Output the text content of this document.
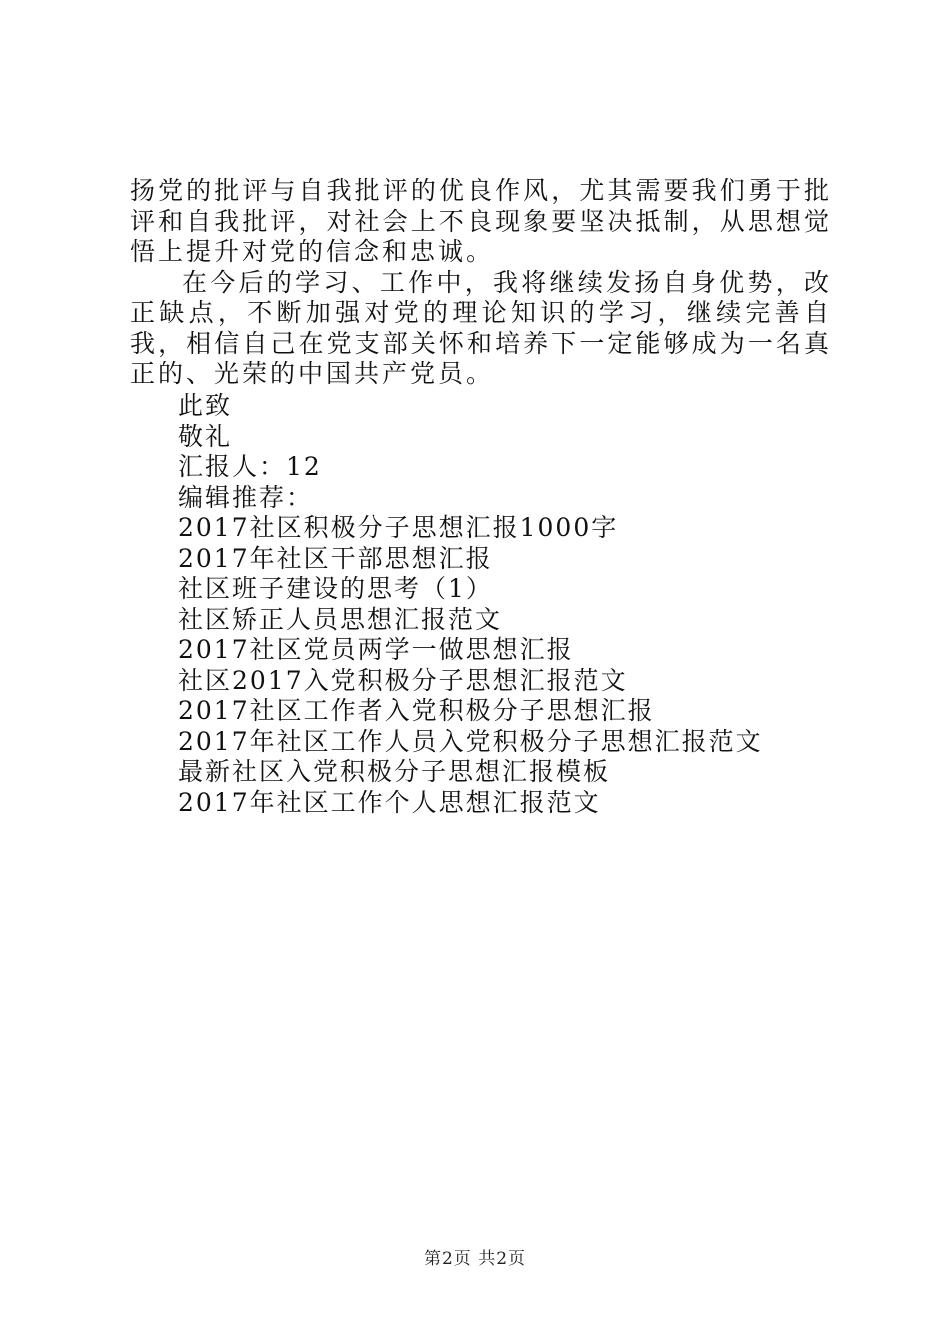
扬党的批评与自我批评的优良作风，尤其需要我们勇于批评和自我批评，对社会上不良现象要坚决抵制，从思想觉悟上提升对党的信念和忠诚。

在今后的学习、工作中，我将继续发扬自身优势，改正缺点，不断加强对党的理论知识的学习，继续完善自我，相信自己在党支部关怀和培养下一定能够成为一名真正的、光荣的中国共产党员。

此致
敬礼
汇报人：12
编辑推荐：
2017社区积极分子思想汇报1000字
2017年社区干部思想汇报
社区班子建设的思考（1）
社区矫正人员思想汇报范文
2017社区党员两学一做思想汇报
社区2017入党积极分子思想汇报范文
2017社区工作者入党积极分子思想汇报
2017年社区工作人员入党积极分子思想汇报范文
最新社区入党积极分子思想汇报模板
2017年社区工作个人思想汇报范文
第2页 共2页
